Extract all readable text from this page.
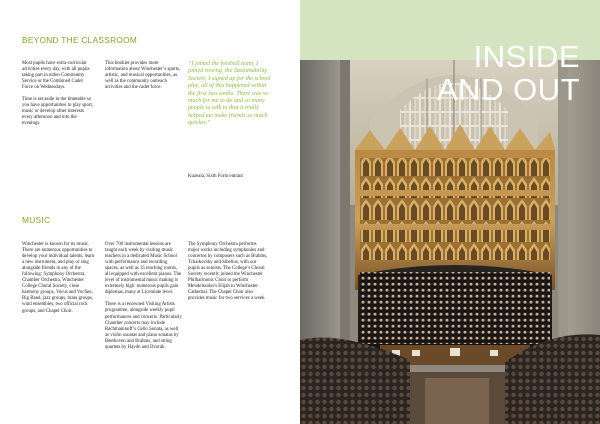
BEYOND THE CLASSROOM

Most pupils have extra-curricular activities every day, with all pupils taking part in either Community Service or the Combined Cadet Force on Wednesdays.

Time is set aside in the timetable so you have opportunities to play sport, music or develop other interests every afternoon and into the evenings.

This booklet provides more information about Winchester’s sports, artistic, and musical opportunities, as well as the community outreach activities and the cadet force.

“I joined the football team, I joined rowing, the Sustainability Society, I signed up for the school play, all of this happened within the first two weeks. There was so much for me to do and so many people to talk to that it really helped me make friends so much quicker.”
Kuzeala, Sixth Form entrant
MUSIC

Winchester is known for its music. There are numerous opportunities to develop your individual talents, learn a new instrument, and play or sing alongside friends in any of the following: Symphony Orchestra, Chamber Orchestra, Winchester College Choral Society, close harmony groups, Vocus and VocSee, Big Band, jazz groups, brass groups, wind ensembles, two official rock groups, and Chapel Choir.

Over 700 instrumental lessons are taught each week by visiting music teachers in a dedicated Music School with performance and recording spaces, as well as 35 teaching rooms, all equipped with excellent pianos. The level of instrumental music making is extremely high: numerous pupils gain diplomas, many at Licentiate level.

There is a renowned Visiting Artists programme, alongside weekly pupil performances and concerts. Particularly Chamber concerts may include Rachmaninoff’s Cello Sonata, as well as violin sonatas and piano sonatas by Beethoven and Brahms, and string quartets by Haydn and Dvorák.

The Symphony Orchestra performs major works including symphonies and concertos by composers such as Brahms, Tchaikovsky and Sibelius, with our pupils as soloists. The College’s Choral Society recently joined the Winchester Philharmonic Choir to perform Mendelssohn’s Elijah in Winchester Cathedral. The Chapel Choir also provides music for two services a week.

INSIDE
AND OUT
